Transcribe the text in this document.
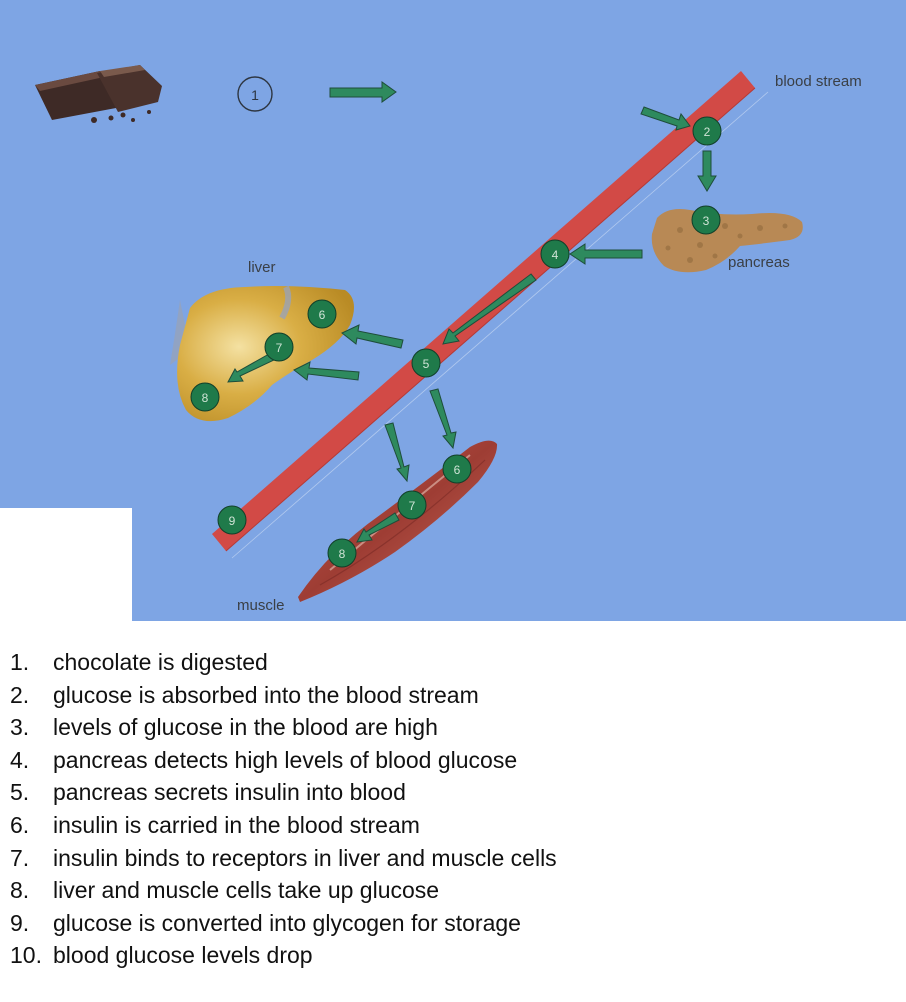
1
2
3
4
5
6
7
8
6
7
8
9
blood stream
pancreas
liver
muscle
1. chocolate is digested
2. glucose is absorbed into the blood stream
3. levels of glucose in the blood are high
4. pancreas detects high levels of blood glucose
5. pancreas secrets insulin into blood
6. insulin is carried in the blood stream
7. insulin binds to receptors in liver and muscle cells
8. liver and muscle cells take up glucose
9. glucose is converted into glycogen for storage
10. blood glucose levels drop
